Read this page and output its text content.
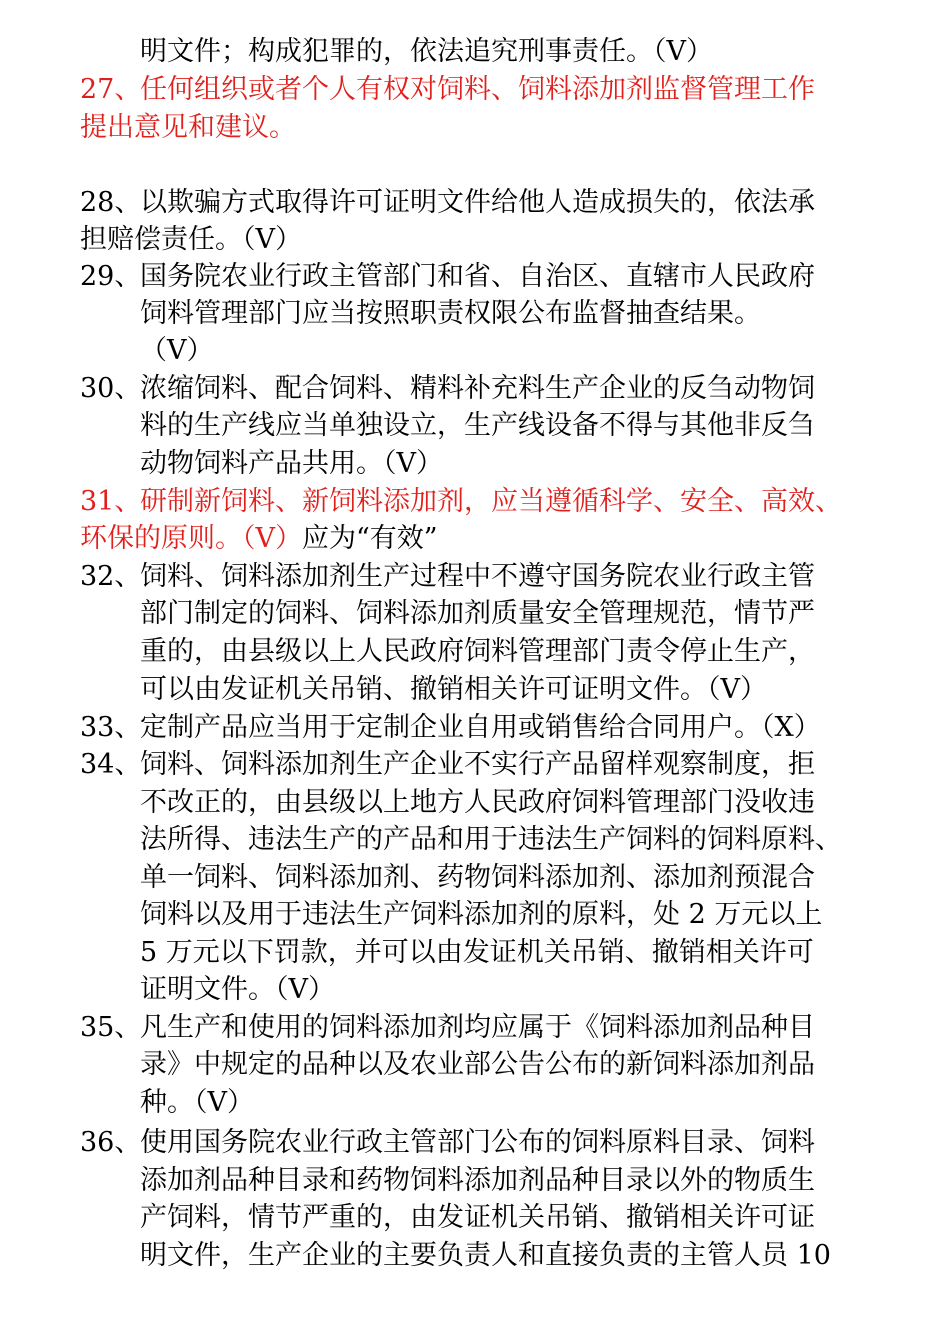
明文件；构成犯罪的，依法追究刑事责任。（V）
27、任何组织或者个人有权对饲料、饲料添加剂监督管理工作
提出意见和建议。
28、以欺骗方式取得许可证明文件给他人造成损失的，依法承
担赔偿责任。（V）
29、国务院农业行政主管部门和省、自治区、直辖市人民政府
饲料管理部门应当按照职责权限公布监督抽查结果。
（V）
30、浓缩饲料、配合饲料、精料补充料生产企业的反刍动物饲
料的生产线应当单独设立，生产线设备不得与其他非反刍
动物饲料产品共用。（V）
31、研制新饲料、新饲料添加剂，应当遵循科学、安全、高效、
环保的原则。（V）应为“有效”
32、饲料、饲料添加剂生产过程中不遵守国务院农业行政主管
部门制定的饲料、饲料添加剂质量安全管理规范，情节严
重的，由县级以上人民政府饲料管理部门责令停止生产，
可以由发证机关吊销、撤销相关许可证明文件。（V）
33、定制产品应当用于定制企业自用或销售给合同用户。（X）
34、饲料、饲料添加剂生产企业不实行产品留样观察制度，拒
不改正的，由县级以上地方人民政府饲料管理部门没收违
法所得、违法生产的产品和用于违法生产饲料的饲料原料、
单一饲料、饲料添加剂、药物饲料添加剂、添加剂预混合
饲料以及用于违法生产饲料添加剂的原料，处 2 万元以上
5 万元以下罚款，并可以由发证机关吊销、撤销相关许可
证明文件。（V）
35、凡生产和使用的饲料添加剂均应属于《饲料添加剂品种目
录》中规定的品种以及农业部公告公布的新饲料添加剂品
种。（V）
36、使用国务院农业行政主管部门公布的饲料原料目录、饲料
添加剂品种目录和药物饲料添加剂品种目录以外的物质生
产饲料，情节严重的，由发证机关吊销、撤销相关许可证
明文件，生产企业的主要负责人和直接负责的主管人员 10
